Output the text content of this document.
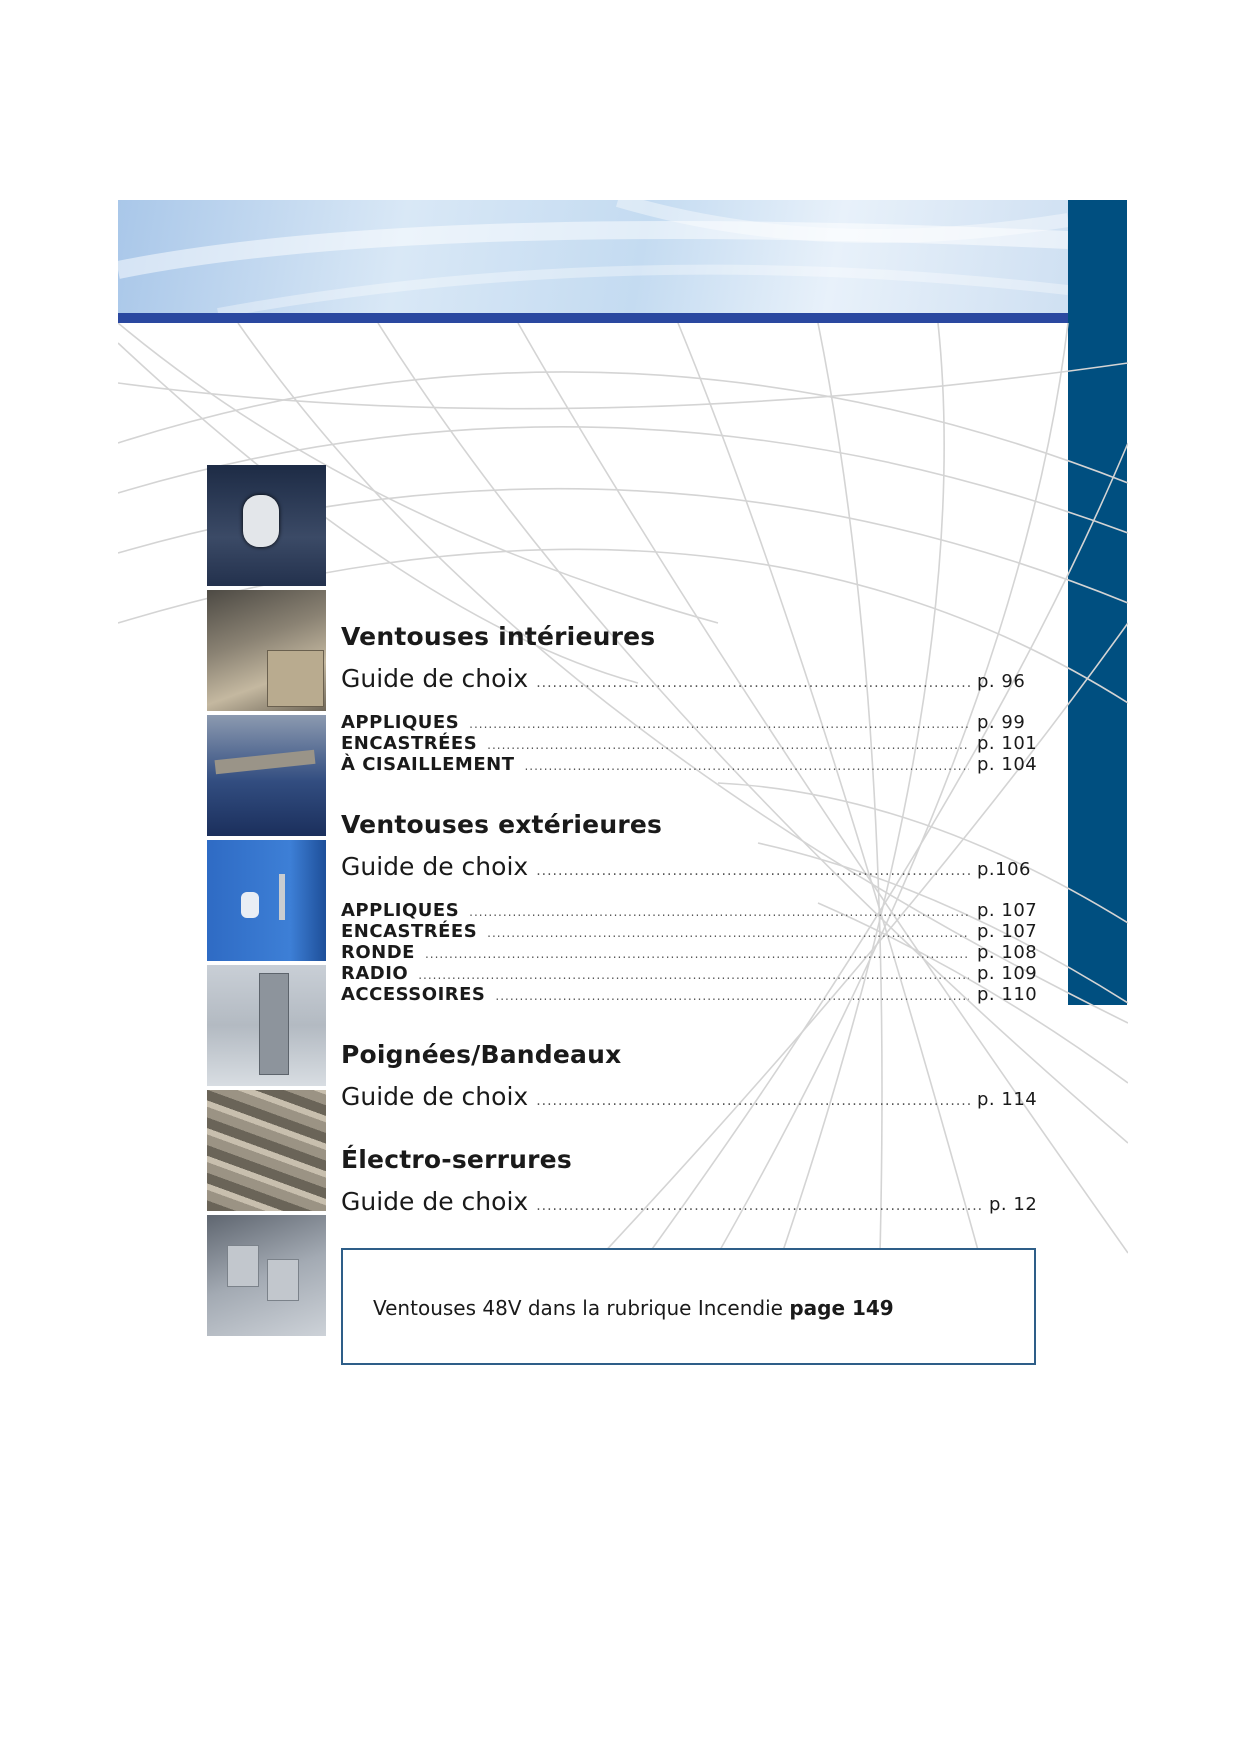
Ventouses intérieures
Guide de choix .....	p. 96
APPLIQUES .....	p. 99
ENCASTRÉES .....	p. 101
À CISAILLEMENT .....	p. 104
Ventouses extérieures
Guide de choix .....	p.106
APPLIQUES .....	p. 107
ENCASTRÉES .....	p. 107
RONDE .....	p. 108
RADIO .....	p. 109
ACCESSOIRES .....	p. 110
Poignées/Bandeaux
Guide de choix .....	p. 114
Électro-serrures
Guide de choix .....	p. 12
Ventouses 48V dans la rubrique Incendie page 149
